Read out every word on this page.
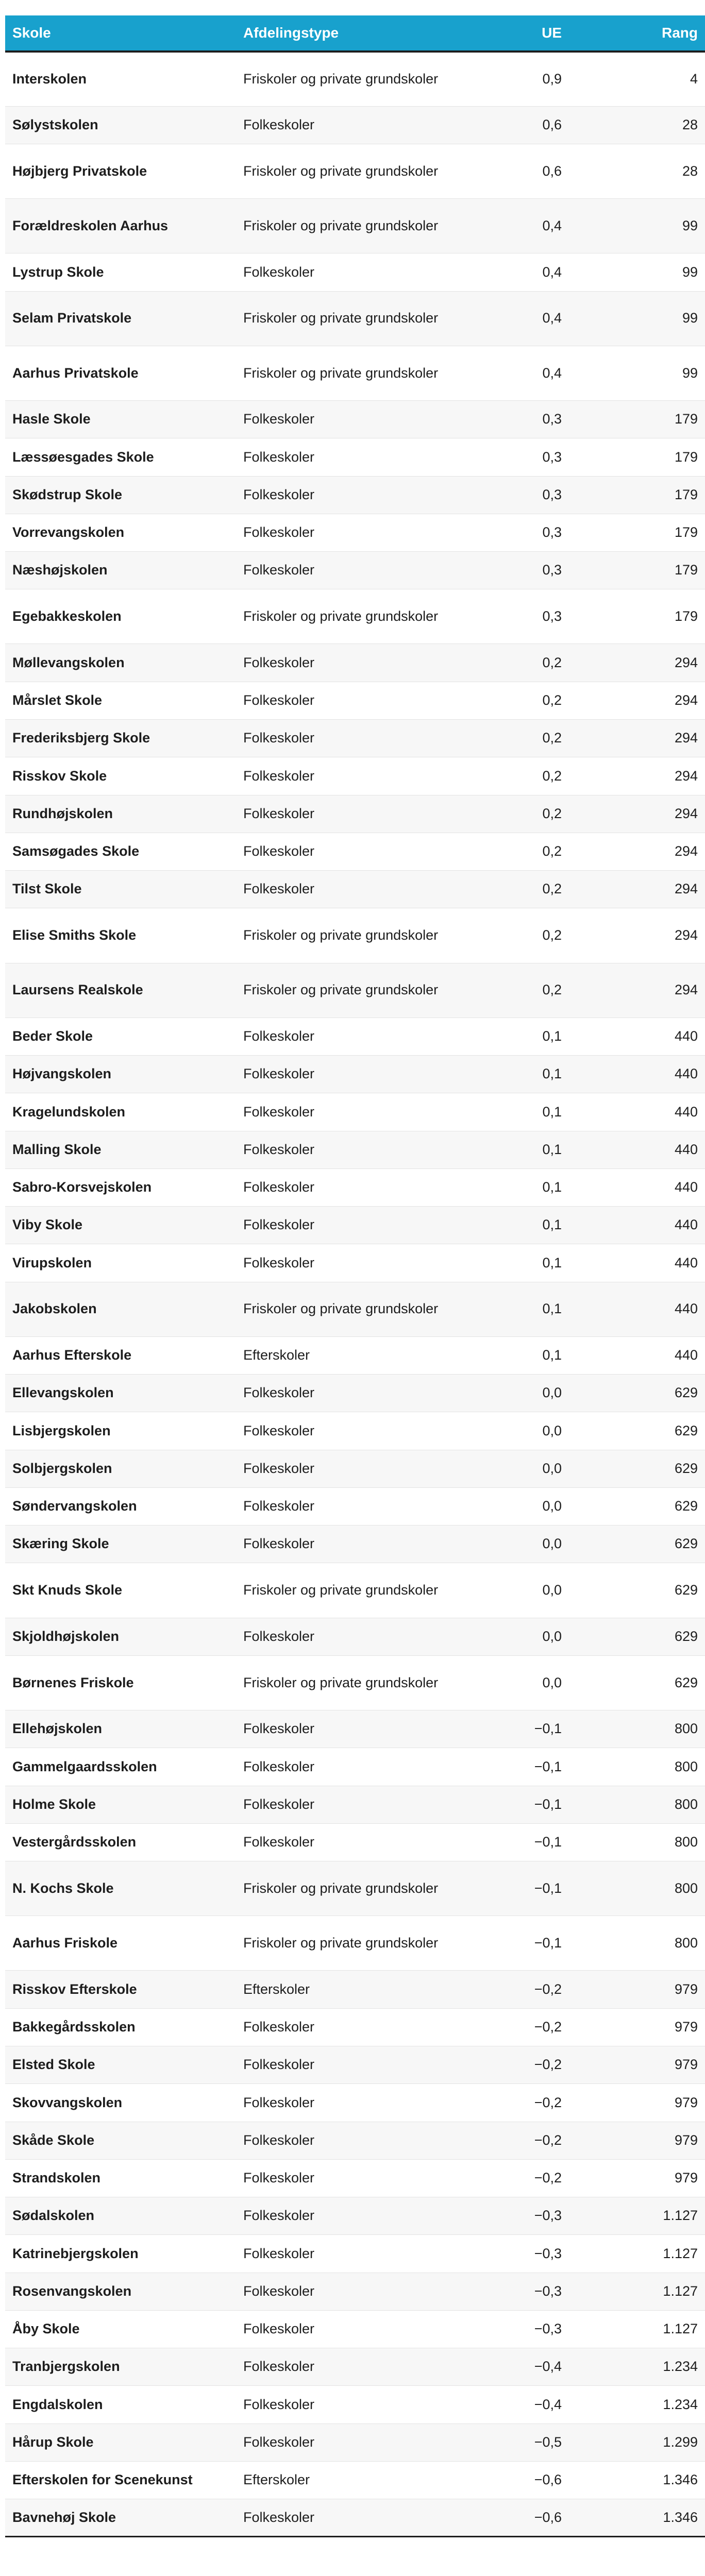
Skole	Afdelingstype	UE	Rang
Interskolen	Friskoler og private grundskoler	0,9	4
Sølystskolen	Folkeskoler	0,6	28
Højbjerg Privatskole	Friskoler og private grundskoler	0,6	28
Forældreskolen Aarhus	Friskoler og private grundskoler	0,4	99
Lystrup Skole	Folkeskoler	0,4	99
Selam Privatskole	Friskoler og private grundskoler	0,4	99
Aarhus Privatskole	Friskoler og private grundskoler	0,4	99
Hasle Skole	Folkeskoler	0,3	179
Læssøesgades Skole	Folkeskoler	0,3	179
Skødstrup Skole	Folkeskoler	0,3	179
Vorrevangskolen	Folkeskoler	0,3	179
Næshøjskolen	Folkeskoler	0,3	179
Egebakkeskolen	Friskoler og private grundskoler	0,3	179
Møllevangskolen	Folkeskoler	0,2	294
Mårslet Skole	Folkeskoler	0,2	294
Frederiksbjerg Skole	Folkeskoler	0,2	294
Risskov Skole	Folkeskoler	0,2	294
Rundhøjskolen	Folkeskoler	0,2	294
Samsøgades Skole	Folkeskoler	0,2	294
Tilst Skole	Folkeskoler	0,2	294
Elise Smiths Skole	Friskoler og private grundskoler	0,2	294
Laursens Realskole	Friskoler og private grundskoler	0,2	294
Beder Skole	Folkeskoler	0,1	440
Højvangskolen	Folkeskoler	0,1	440
Kragelundskolen	Folkeskoler	0,1	440
Malling Skole	Folkeskoler	0,1	440
Sabro-Korsvejskolen	Folkeskoler	0,1	440
Viby Skole	Folkeskoler	0,1	440
Virupskolen	Folkeskoler	0,1	440
Jakobskolen	Friskoler og private grundskoler	0,1	440
Aarhus Efterskole	Efterskoler	0,1	440
Ellevangskolen	Folkeskoler	0,0	629
Lisbjergskolen	Folkeskoler	0,0	629
Solbjergskolen	Folkeskoler	0,0	629
Søndervangskolen	Folkeskoler	0,0	629
Skæring Skole	Folkeskoler	0,0	629
Skt Knuds Skole	Friskoler og private grundskoler	0,0	629
Skjoldhøjskolen	Folkeskoler	0,0	629
Børnenes Friskole	Friskoler og private grundskoler	0,0	629
Ellehøjskolen	Folkeskoler	−0,1	800
Gammelgaardsskolen	Folkeskoler	−0,1	800
Holme Skole	Folkeskoler	−0,1	800
Vestergårdsskolen	Folkeskoler	−0,1	800
N. Kochs Skole	Friskoler og private grundskoler	−0,1	800
Aarhus Friskole	Friskoler og private grundskoler	−0,1	800
Risskov Efterskole	Efterskoler	−0,2	979
Bakkegårdsskolen	Folkeskoler	−0,2	979
Elsted Skole	Folkeskoler	−0,2	979
Skovvangskolen	Folkeskoler	−0,2	979
Skåde Skole	Folkeskoler	−0,2	979
Strandskolen	Folkeskoler	−0,2	979
Sødalskolen	Folkeskoler	−0,3	1.127
Katrinebjergskolen	Folkeskoler	−0,3	1.127
Rosenvangskolen	Folkeskoler	−0,3	1.127
Åby Skole	Folkeskoler	−0,3	1.127
Tranbjergskolen	Folkeskoler	−0,4	1.234
Engdalskolen	Folkeskoler	−0,4	1.234
Hårup Skole	Folkeskoler	−0,5	1.299
Efterskolen for Scenekunst	Efterskoler	−0,6	1.346
Bavnehøj Skole	Folkeskoler	−0,6	1.346
